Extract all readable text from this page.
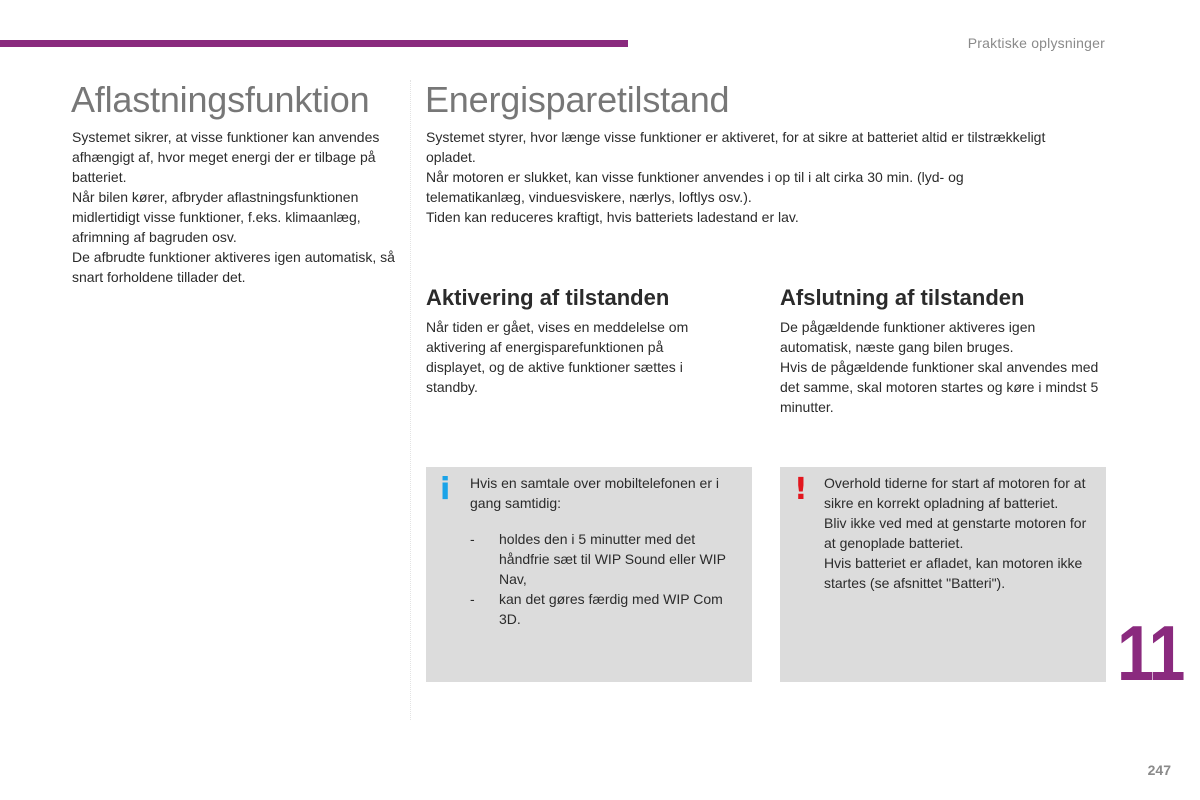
Praktiske oplysninger
Aflastningsfunktion

Systemet sikrer, at visse funktioner kan anvendes afhængigt af, hvor meget energi der er tilbage på batteriet.

Når bilen kører, afbryder aflastningsfunktionen midlertidigt visse funktioner, f.eks. klimaanlæg, afrimning af bagruden osv.

De afbrudte funktioner aktiveres igen automatisk, så snart forholdene tillader det.

Energisparetilstand

Systemet styrer, hvor længe visse funktioner er aktiveret, for at sikre at batteriet altid er tilstrækkeligt opladet.

Når motoren er slukket, kan visse funktioner anvendes i op til i alt cirka 30 min. (lyd- og telematikanlæg, vinduesviskere, nærlys, loftlys osv.).

Tiden kan reduceres kraftigt, hvis batteriets ladestand er lav.

Aktivering af tilstanden

Når tiden er gået, vises en meddelelse om aktivering af energisparefunktionen på displayet, og de aktive funktioner sættes i standby.

Afslutning af tilstanden

De pågældende funktioner aktiveres igen automatisk, næste gang bilen bruges.

Hvis de pågældende funktioner skal anvendes med det samme, skal motoren startes og køre i mindst 5 minutter.

i Hvis en samtale over mobiltelefonen er i gang samtidig:

- holdes den i 5 minutter med det håndfrie sæt til WIP Sound eller WIP Nav,
- kan det gøres færdig med WIP Com 3D.
! Overhold tiderne for start af motoren for at sikre en korrekt opladning af batteriet.

Bliv ikke ved med at genstarte motoren for at genoplade batteriet.

Hvis batteriet er afladet, kan motoren ikke startes (se afsnittet "Batteri").

11
247
